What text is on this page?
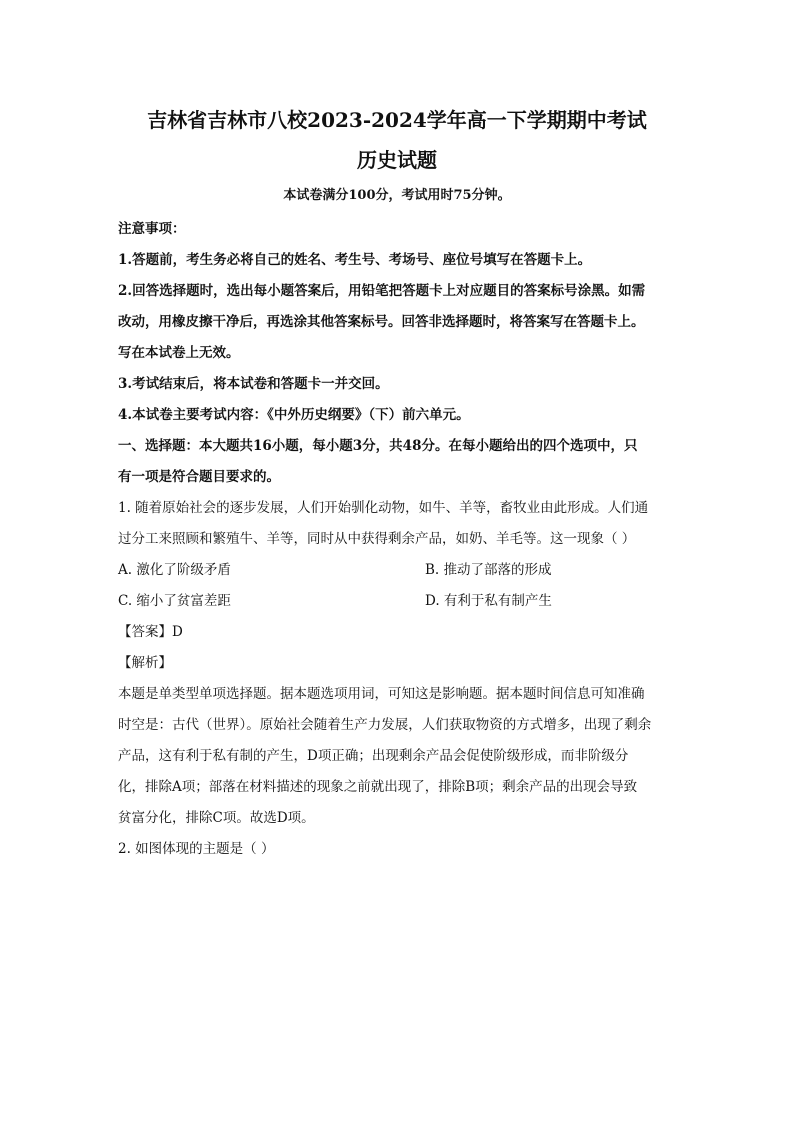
吉林省吉林市八校2023-2024学年高一下学期期中考试
历史试题
本试卷满分100分，考试用时75分钟。

注意事项：

1.答题前，考生务必将自己的姓名、考生号、考场号、座位号填写在答题卡上。

2.回答选择题时，选出每小题答案后，用铅笔把答题卡上对应题目的答案标号涂黑。如需

改动，用橡皮擦干净后，再选涂其他答案标号。回答非选择题时，将答案写在答题卡上。

写在本试卷上无效。

3.考试结束后，将本试卷和答题卡一并交回。

4.本试卷主要考试内容：《中外历史纲要》（下）前六单元。

一、选择题：本大题共16小题，每小题3分，共48分。在每小题给出的四个选项中，只

有一项是符合题目要求的。

1. 随着原始社会的逐步发展，人们开始驯化动物，如牛、羊等，畜牧业由此形成。人们通

过分工来照顾和繁殖牛、羊等，同时从中获得剩余产品，如奶、羊毛等。这一现象（ ）

A. 激化了阶级矛盾	B. 推动了部落的形成
C. 缩小了贫富差距	D. 有利于私有制产生

【答案】D

【解析】

本题是单类型单项选择题。据本题选项用词，可知这是影响题。据本题时间信息可知准确

时空是：古代（世界）。原始社会随着生产力发展，人们获取物资的方式增多，出现了剩余

产品，这有利于私有制的产生，D项正确；出现剩余产品会促使阶级形成，而非阶级分

化，排除A项；部落在材料描述的现象之前就出现了，排除B项；剩余产品的出现会导致

贫富分化，排除C项。故选D项。

2. 如图体现的主题是（ ）
